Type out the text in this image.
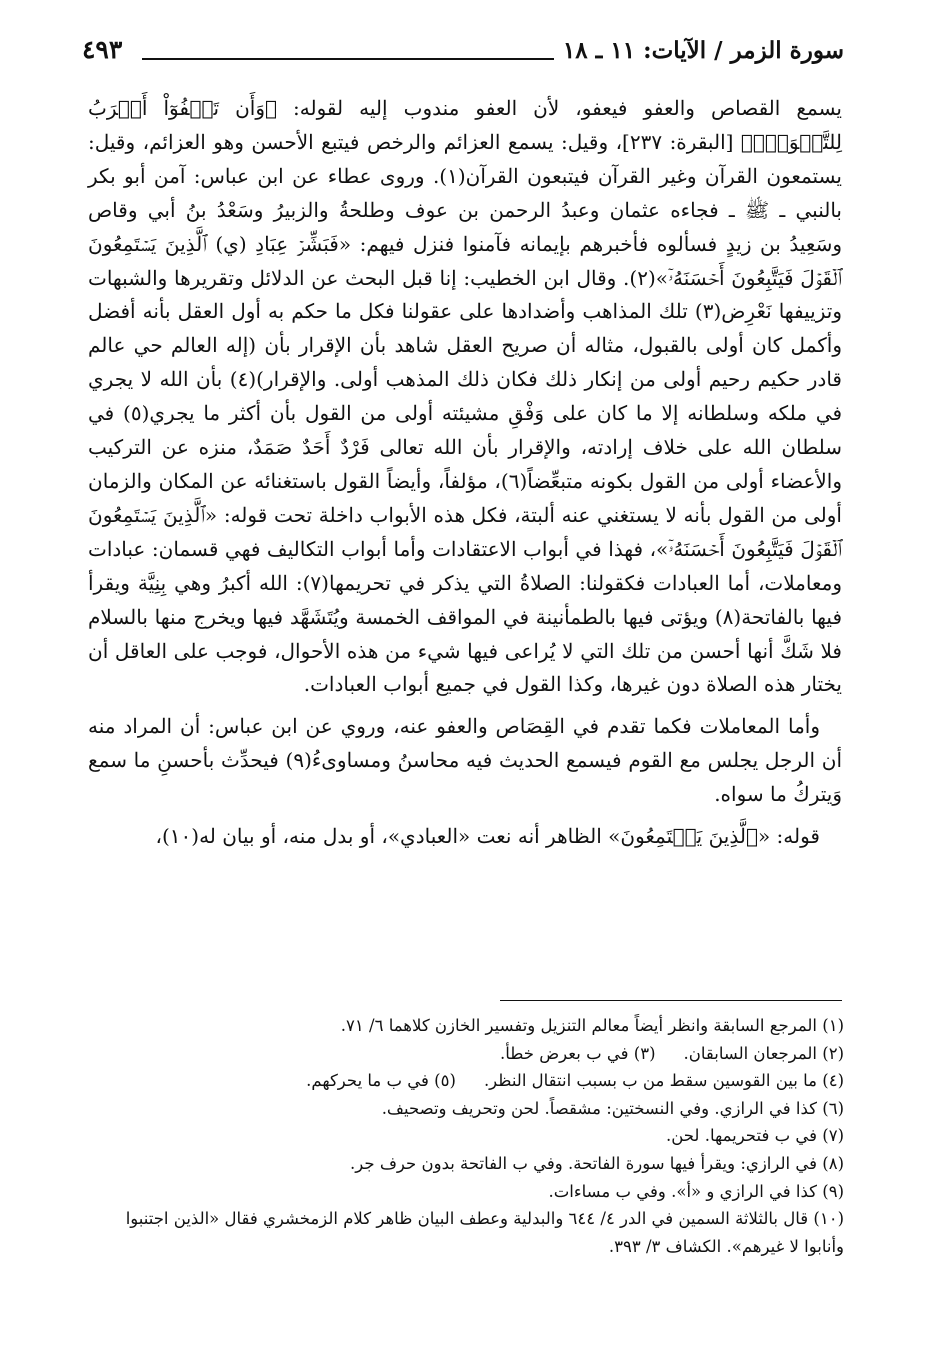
سورة الزمر / الآيات: ١١ ـ ١٨
٤٩٣

يسمع القصاص والعفو فيعفو، لأن العفو مندوب إليه لقوله: ﴿وَأَن تَعۡفُوٓاْ أَقۡرَبُ لِلتَّقۡوَىٰۚ﴾ [البقرة: ٢٣٧]، وقيل: يسمع العزائم والرخص فيتبع الأحسن وهو العزائم، وقيل: يستمعون القرآن وغير القرآن فيتبعون القرآن(١). وروى عطاء عن ابن عباس: آمن أبو بكر بالنبي ـ ﷺ ـ فجاءه عثمان وعبدُ الرحمن بن عوف وطلحةُ والزبيرُ وسَعْدُ بنُ أبي وقاص وسَعِيدُ بن زيدٍ فسألوه فأخبرهم بإيمانه فآمنوا فنزل فيهم: «فَبَشِّرۡ عِبَادِ (ي) ٱلَّذِينَ يَسۡتَمِعُونَ ٱلۡقَوۡلَ فَيَتَّبِعُونَ أَحۡسَنَهُۥٓ»(٢). وقال ابن الخطيب: إنا قبل البحث عن الدلائل وتقريرها والشبهات وتزييفها نَعْرِض(٣) تلك المذاهب وأضدادها على عقولنا فكل ما حكم به أول العقل بأنه أفضل وأكمل كان أولى بالقبول، مثاله أن صريح العقل شاهد بأن الإقرار بأن (إله العالم حي عالم قادر حكيم رحيم أولى من إنكار ذلك فكان ذلك المذهب أولى. والإقرار)(٤) بأن الله لا يجري في ملكه وسلطانه إلا ما كان على وَفْقِ مشيئته أولى من القول بأن أكثر ما يجري(٥) في سلطان الله على خلاف إرادته، والإقرار بأن الله تعالى فَرْدٌ أَحَدٌ صَمَدٌ، منزه عن التركيب والأعضاء أولى من القول بكونه متبعِّضاً(٦)، مؤلفاً، وأيضاً القول باستغنائه عن المكان والزمان أولى من القول بأنه لا يستغني عنه ألبتة، فكل هذه الأبواب داخلة تحت قوله: «ٱلَّذِينَ يَسۡتَمِعُونَ ٱلۡقَوۡلَ فَيَتَّبِعُونَ أَحۡسَنَهُۥٓ»، فهذا في أبواب الاعتقادات وأما أبواب التكاليف فهي قسمان: عبادات ومعاملات، أما العبادات فكقولنا: الصلاةُ التي يذكر في تحريمها(٧): الله أكبرُ وهي بِنِيَّة ويقرأ فيها بالفاتحة(٨) ويؤتى فيها بالطمأنينة في المواقف الخمسة ويُتَشَهَّد فيها ويخرج منها بالسلام فلا شَكَّ أنها أحسن من تلك التي لا يُراعى فيها شيء من هذه الأحوال، فوجب على العاقل أن يختار هذه الصلاة دون غيرها، وكذا القول في جميع أبواب العبادات.

وأما المعاملات فكما تقدم في القِصَاص والعفو عنه، وروي عن ابن عباس: أن المراد منه أن الرجل يجلس مع القوم فيسمع الحديث فيه محاسنُ ومساوىءُ(٩) فيحدِّث بأحسنِ ما سمع وَيتركُ ما سواه.

قوله: «ٱلَّذِينَ يَسۡتَمِعُونَ» الظاهر أنه نعت «العبادي»، أو بدل منه، أو بيان له(١٠)،

(١) المرجع السابقة وانظر أيضاً معالم التنزيل وتفسير الخازن كلاهما ٦/ ٧١.

(٢) المرجعان السابقان.
(٣) في ب بعرض خطأ.
(٤) ما بين القوسين سقط من ب بسبب انتقال النظر.
(٥) في ب ما يحركهم.

(٦) كذا في الرازي. وفي النسختين: مشقصاً. لحن وتحريف وتصحيف.

(٧) في ب فتحريمها. لحن.

(٨) في الرازي: ويقرأ فيها سورة الفاتحة. وفي ب الفاتحة بدون حرف جر.

(٩) كذا في الرازي و «أ». وفي ب مساءات.

(١٠) قال بالثلاثة السمين في الدر ٤/ ٦٤٤ والبدلية وعطف البيان ظاهر كلام الزمخشري فقال «الذين اجتنبوا وأنابوا لا غيرهم». الكشاف ٣/ ٣٩٣.
